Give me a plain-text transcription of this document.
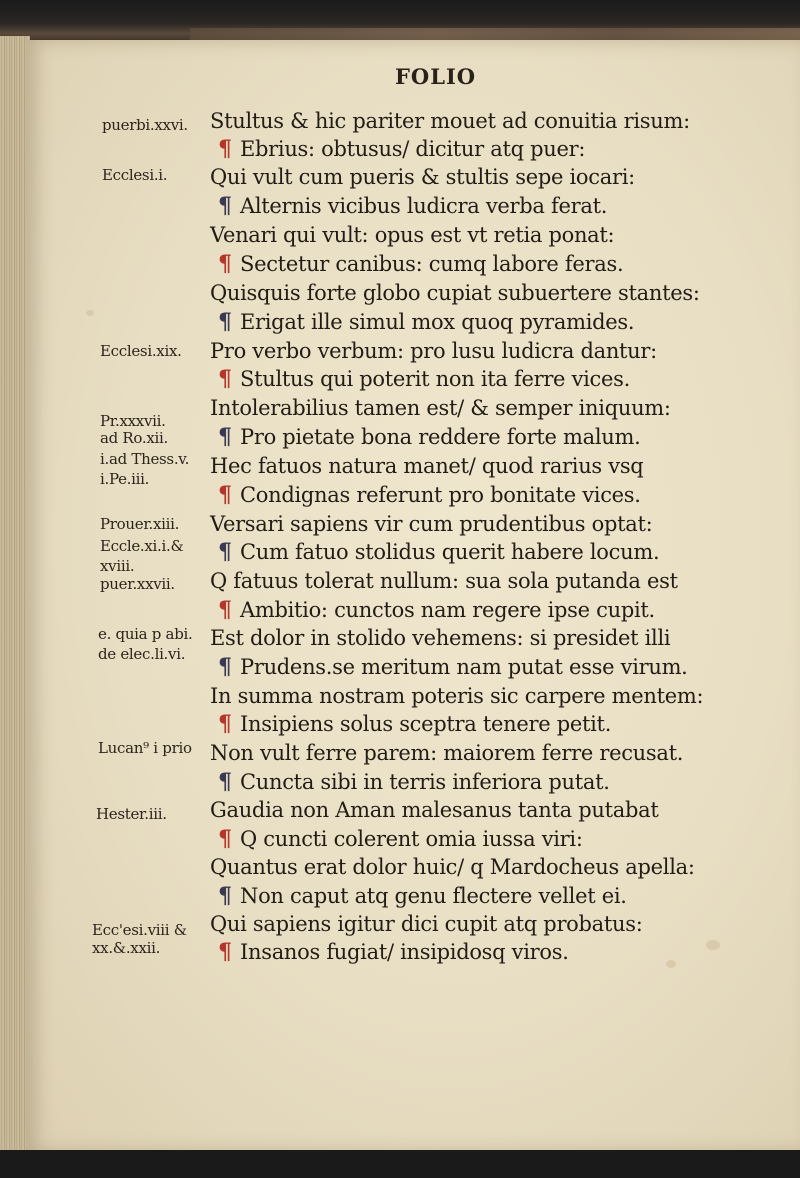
FOLIO
puerbi.xxvi.
Ecclesi.i.
Ecclesi.xix.
Pr.xxxvii.
ad Ro.xii.
i.ad Thess.v.
i.Pe.iii.
Prouer.xiii.
Eccle.xi.i.&
xviii.
puer.xxvii.
e. quia p abi.
de elec.li.vi.
Lucan⁹ i prio
Hester.iii.
Ecc'esi.viii &
xx.&.xxii.
Stultus & hic pariter mouet ad conuitia risum:
¶ Ebrius: obtusus/ dicitur atq puer:
Qui vult cum pueris & stultis sepe iocari:
¶ Alternis vicibus ludicra verba ferat.
Venari qui vult: opus est vt retia ponat:
¶ Sectetur canibus: cumq labore feras.
Quisquis forte globo cupiat subuertere stantes:
¶ Erigat ille simul mox quoq pyramides.
Pro verbo verbum: pro lusu ludicra dantur:
¶ Stultus qui poterit non ita ferre vices.
Intolerabilius tamen est/ & semper iniquum:
¶ Pro pietate bona reddere forte malum.
Hec fatuos natura manet/ quod rarius vsq
¶ Condignas referunt pro bonitate vices.
Versari sapiens vir cum prudentibus optat:
¶ Cum fatuo stolidus querit habere locum.
Q fatuus tolerat nullum: sua sola putanda est
¶ Ambitio: cunctos nam regere ipse cupit.
Est dolor in stolido vehemens: si presidet illi
¶ Prudens.se meritum nam putat esse virum.
In summa nostram poteris sic carpere mentem:
¶ Insipiens solus sceptra tenere petit.
Non vult ferre parem: maiorem ferre recusat.
¶ Cuncta sibi in terris inferiora putat.
Gaudia non Aman malesanus tanta putabat
¶ Q cuncti colerent omia iussa viri:
Quantus erat dolor huic/ q Mardocheus apella:
¶ Non caput atq genu flectere vellet ei.
Qui sapiens igitur dici cupit atq probatus:
¶ Insanos fugiat/ insipidosq viros.
